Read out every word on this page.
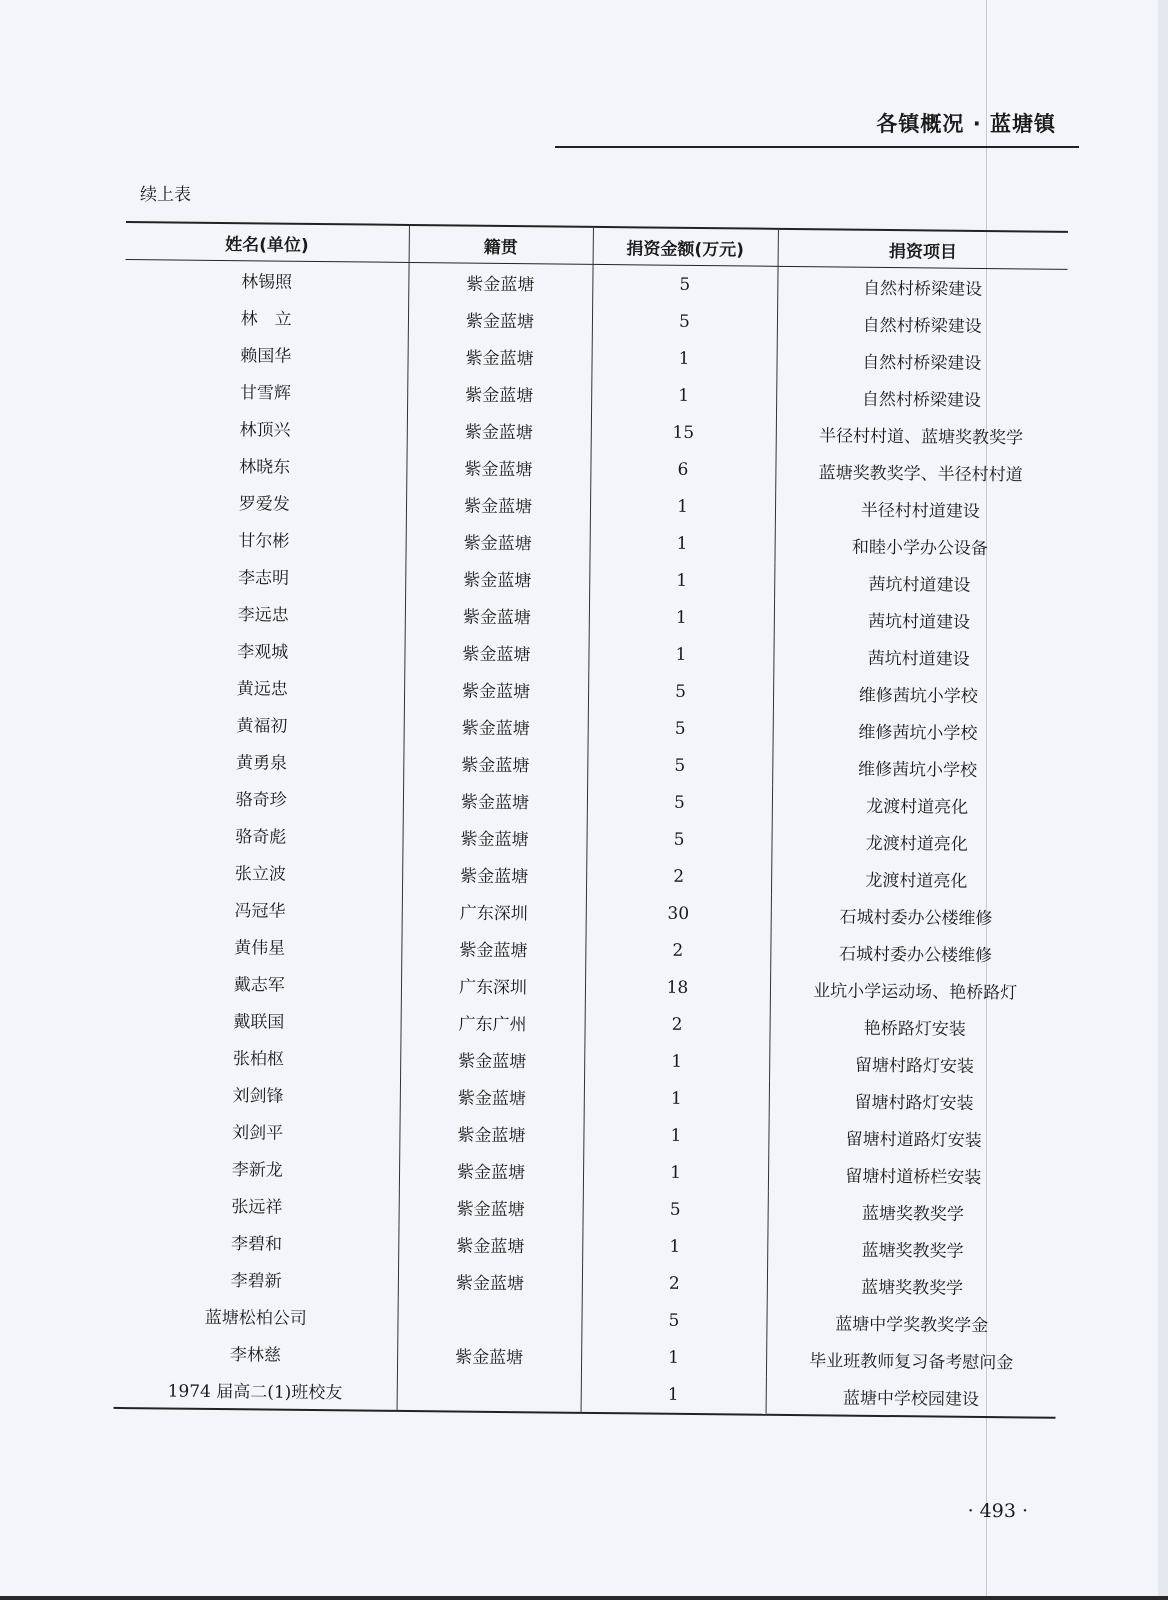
各镇概况 · 蓝塘镇
续上表
姓名(单位)	籍贯	捐资金额(万元)	捐资项目
林锡照	紫金蓝塘	5	自然村桥梁建设
林　立	紫金蓝塘	5	自然村桥梁建设
赖国华	紫金蓝塘	1	自然村桥梁建设
甘雪辉	紫金蓝塘	1	自然村桥梁建设
林顶兴	紫金蓝塘	15	半径村村道、蓝塘奖教奖学
林晓东	紫金蓝塘	6	蓝塘奖教奖学、半径村村道
罗爱发	紫金蓝塘	1	半径村村道建设
甘尔彬	紫金蓝塘	1	和睦小学办公设备
李志明	紫金蓝塘	1	茜坑村道建设
李远忠	紫金蓝塘	1	茜坑村道建设
李观城	紫金蓝塘	1	茜坑村道建设
黄远忠	紫金蓝塘	5	维修茜坑小学校
黄福初	紫金蓝塘	5	维修茜坑小学校
黄勇泉	紫金蓝塘	5	维修茜坑小学校
骆奇珍	紫金蓝塘	5	龙渡村道亮化
骆奇彪	紫金蓝塘	5	龙渡村道亮化
张立波	紫金蓝塘	2	龙渡村道亮化
冯冠华	广东深圳	30	石城村委办公楼维修
黄伟星	紫金蓝塘	2	石城村委办公楼维修
戴志军	广东深圳	18	业坑小学运动场、艳桥路灯
戴联国	广东广州	2	艳桥路灯安装
张柏枢	紫金蓝塘	1	留塘村路灯安装
刘剑锋	紫金蓝塘	1	留塘村路灯安装
刘剑平	紫金蓝塘	1	留塘村道路灯安装
李新龙	紫金蓝塘	1	留塘村道桥栏安装
张远祥	紫金蓝塘	5	蓝塘奖教奖学
李碧和	紫金蓝塘	1	蓝塘奖教奖学
李碧新	紫金蓝塘	2	蓝塘奖教奖学
蓝塘松柏公司		5	蓝塘中学奖教奖学金
李林慈	紫金蓝塘	1	毕业班教师复习备考慰问金
1974 届高二(1)班校友		1	蓝塘中学校园建设
· 493 ·
